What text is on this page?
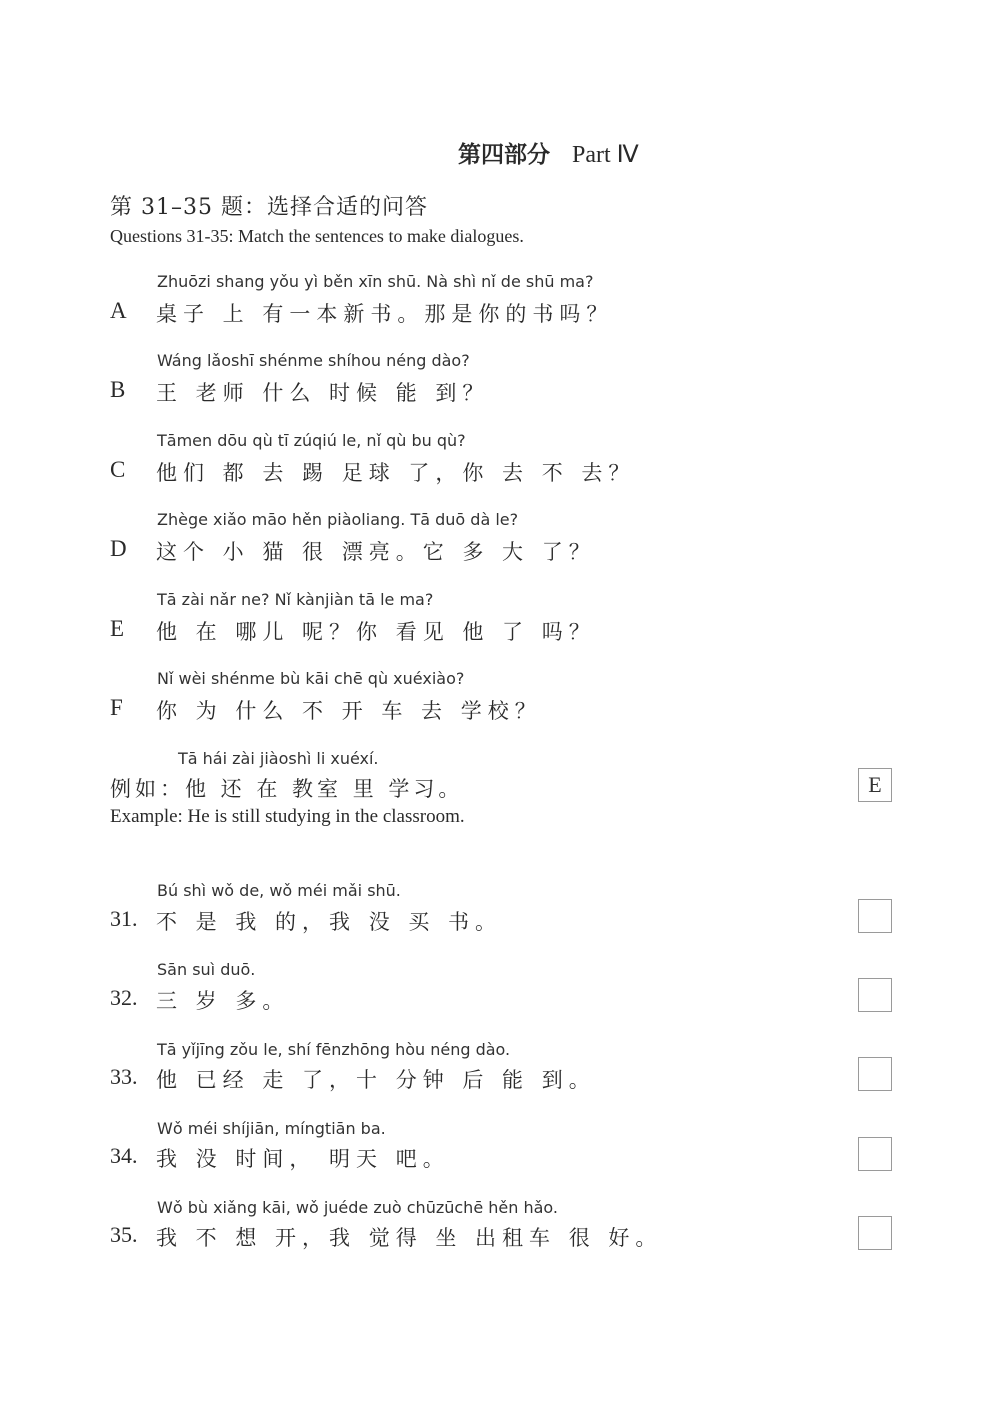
第四部分 Part Ⅳ
第 31–35 题：选择合适的问答
Questions 31-35: Match the sentences to make dialogues.
Zhuōzi shang yǒu yì běn xīn shū. Nà shì nǐ de shū ma?
A 桌子 上 有一本新书。那是你的书吗？
Wáng lǎoshī shénme shíhou néng dào?
B 王 老师 什么 时候 能 到？
Tāmen dōu qù tī zúqiú le, nǐ qù bu qù?
C 他们 都 去 踢 足球 了，你 去 不 去？
Zhège xiǎo māo hěn piàoliang. Tā duō dà le?
D 这个 小 猫 很 漂亮。它 多 大 了？
Tā zài nǎr ne? Nǐ kànjiàn tā le ma?
E 他 在 哪儿 呢？你 看见 他 了 吗？
Nǐ wèi shénme bù kāi chē qù xuéxiào?
F 你 为 什么 不 开 车 去 学校？
Tā hái zài jiàoshì li xuéxí.
例如：他 还 在 教室 里 学习。
Example: He is still studying in the classroom.
E
Bú shì wǒ de, wǒ méi mǎi shū.
31. 不 是 我 的，我 没 买 书。
Sān suì duō.
32. 三 岁 多。
Tā yǐjīng zǒu le, shí fēnzhōng hòu néng dào.
33. 他 已经 走 了，十 分钟 后 能 到。
Wǒ méi shíjiān, míngtiān ba.
34. 我 没 时间， 明天 吧。
Wǒ bù xiǎng kāi, wǒ juéde zuò chūzūchē hěn hǎo.
35. 我 不 想 开，我 觉得 坐 出租车 很 好。
